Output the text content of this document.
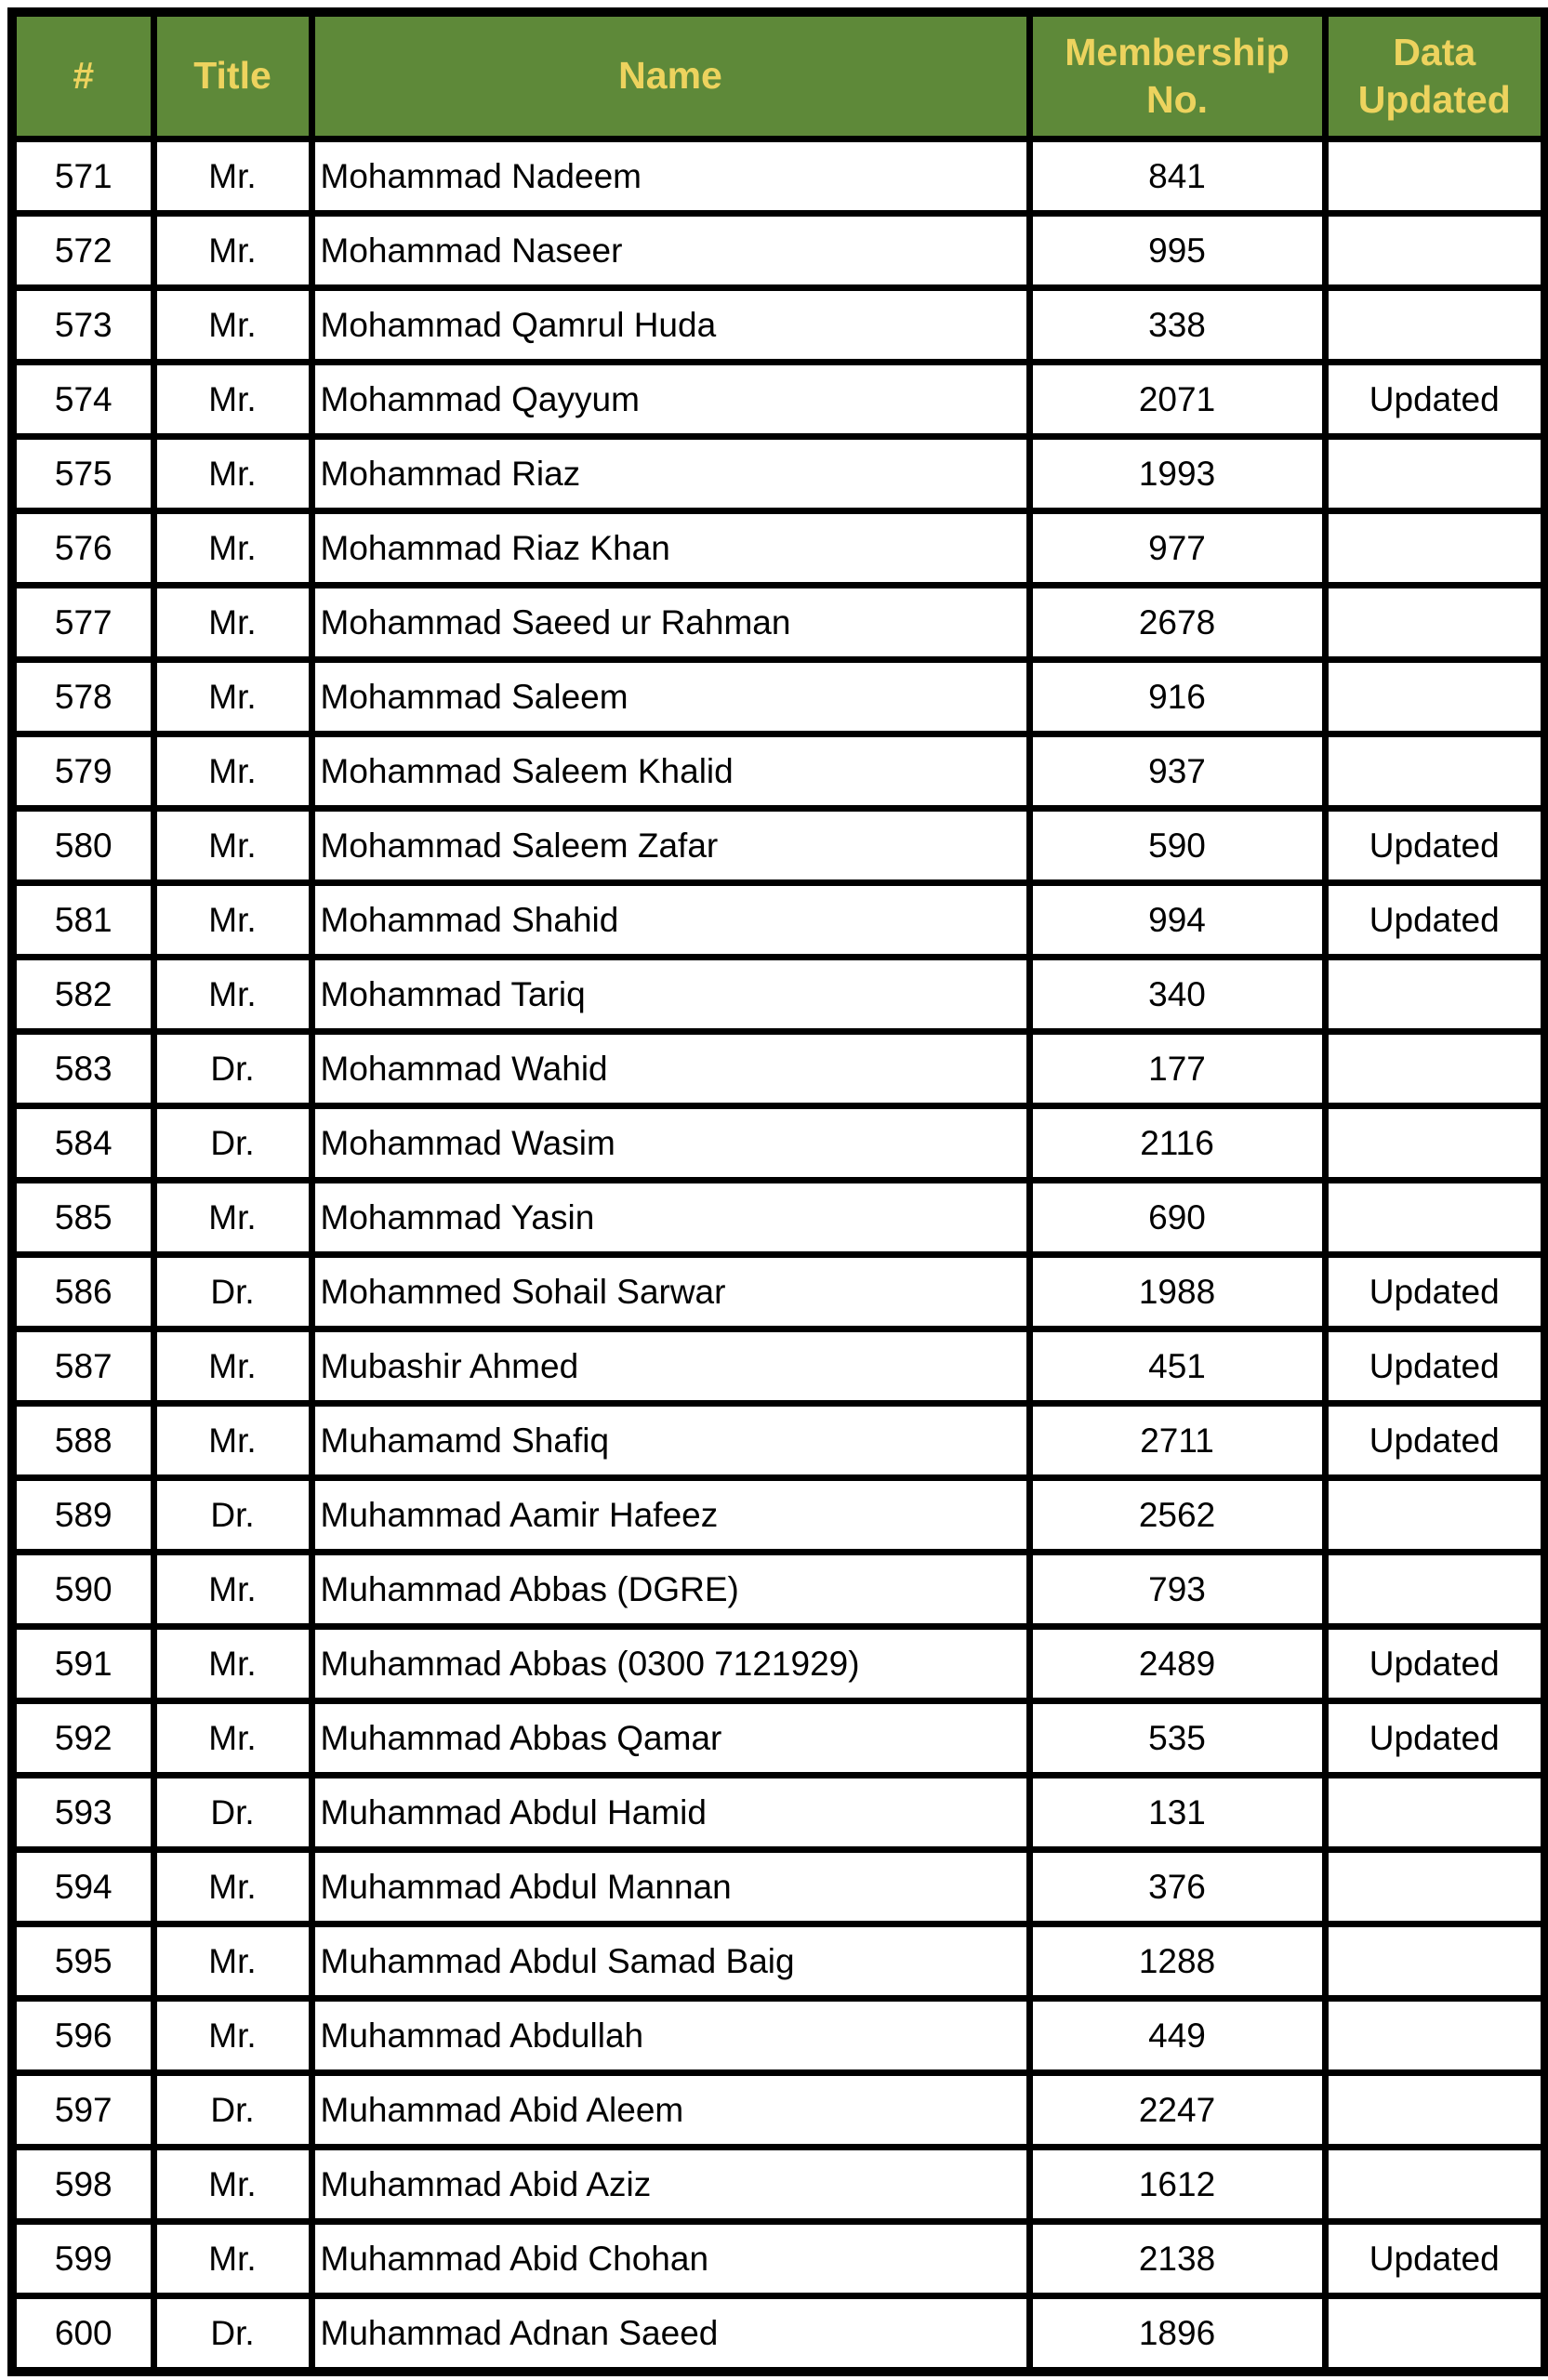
#	Title	Name	Membership No.	Data Updated
571	Mr.	Mohammad Nadeem	841	
572	Mr.	Mohammad Naseer	995	
573	Mr.	Mohammad Qamrul Huda	338	
574	Mr.	Mohammad Qayyum	2071	Updated
575	Mr.	Mohammad Riaz	1993	
576	Mr.	Mohammad Riaz Khan	977	
577	Mr.	Mohammad Saeed ur Rahman	2678	
578	Mr.	Mohammad Saleem	916	
579	Mr.	Mohammad Saleem Khalid	937	
580	Mr.	Mohammad Saleem Zafar	590	Updated
581	Mr.	Mohammad Shahid	994	Updated
582	Mr.	Mohammad Tariq	340	
583	Dr.	Mohammad Wahid	177	
584	Dr.	Mohammad Wasim	2116	
585	Mr.	Mohammad Yasin	690	
586	Dr.	Mohammed Sohail Sarwar	1988	Updated
587	Mr.	Mubashir Ahmed	451	Updated
588	Mr.	Muhamamd Shafiq	2711	Updated
589	Dr.	Muhammad Aamir Hafeez	2562	
590	Mr.	Muhammad Abbas (DGRE)	793	
591	Mr.	Muhammad Abbas (0300 7121929)	2489	Updated
592	Mr.	Muhammad Abbas Qamar	535	Updated
593	Dr.	Muhammad Abdul Hamid	131	
594	Mr.	Muhammad Abdul Mannan	376	
595	Mr.	Muhammad Abdul Samad Baig	1288	
596	Mr.	Muhammad Abdullah	449	
597	Dr.	Muhammad Abid Aleem	2247	
598	Mr.	Muhammad Abid Aziz	1612	
599	Mr.	Muhammad Abid Chohan	2138	Updated
600	Dr.	Muhammad Adnan Saeed	1896	
